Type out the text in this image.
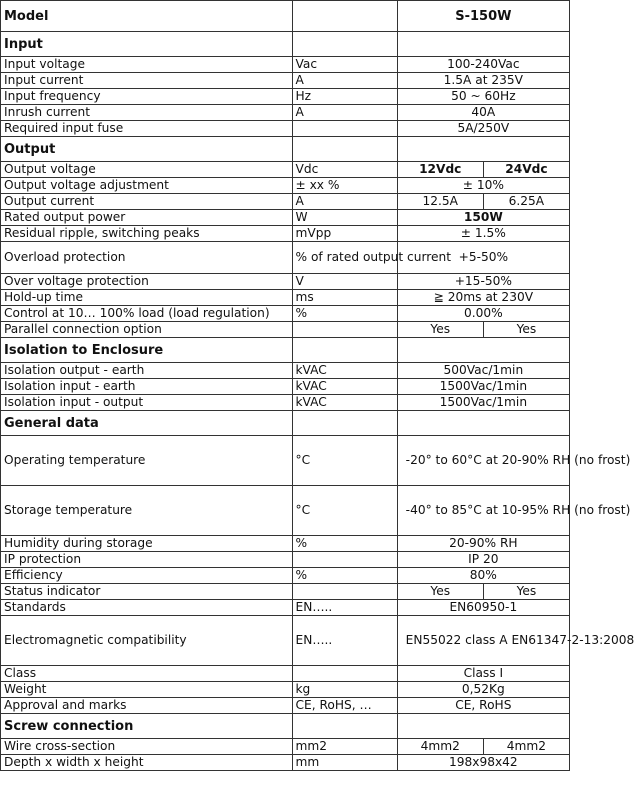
Model		S-150W	
Input			
Input voltage	Vac	100-240Vac	
Input current	A	1.5A at 235V	
Input frequency	Hz	50 ~ 60Hz	
Inrush current	A	40A	
Required input fuse		5A/250V	
Output			
Output voltage	Vdc	12Vdc	24Vdc
Output voltage adjustment	± xx %	± 10%	
Output current	A	12.5A	6.25A
Rated output power	W	150W	
Residual ripple, switching peaks	mVpp	± 1.5%	
Overload protection	% of rated output current	+5-50%	
Over voltage protection	V	+15-50%	
Hold-up time	ms	≧ 20ms at 230V	
Control at 10… 100% load (load regulation)	%	0.00%	
Parallel connection option		Yes	Yes
Isolation to Enclosure			
Isolation output - earth	kVAC	500Vac/1min	
Isolation input - earth	kVAC	1500Vac/1min	
Isolation input - output	kVAC	1500Vac/1min	
General data			
Operating temperature	°C	-20° to 60°C at 20-90% RH (no frost)	
Storage temperature	°C	-40° to 85°C at 10-95% RH (no frost)	
Humidity during storage	%	20-90% RH	
IP protection		IP 20	
Efficiency	%	80%	
Status indicator		Yes	Yes
Standards	EN…..	EN60950-1	
Electromagnetic compatibility	EN…..	EN55022 class A EN61347-2-13:2008	
Class		Class I	
Weight	kg	0,52Kg	
Approval and marks	CE, RoHS, …	CE, RoHS	
Screw connection			
Wire cross-section	mm2	4mm2	4mm2
Depth x width x height	mm	198x98x42	
